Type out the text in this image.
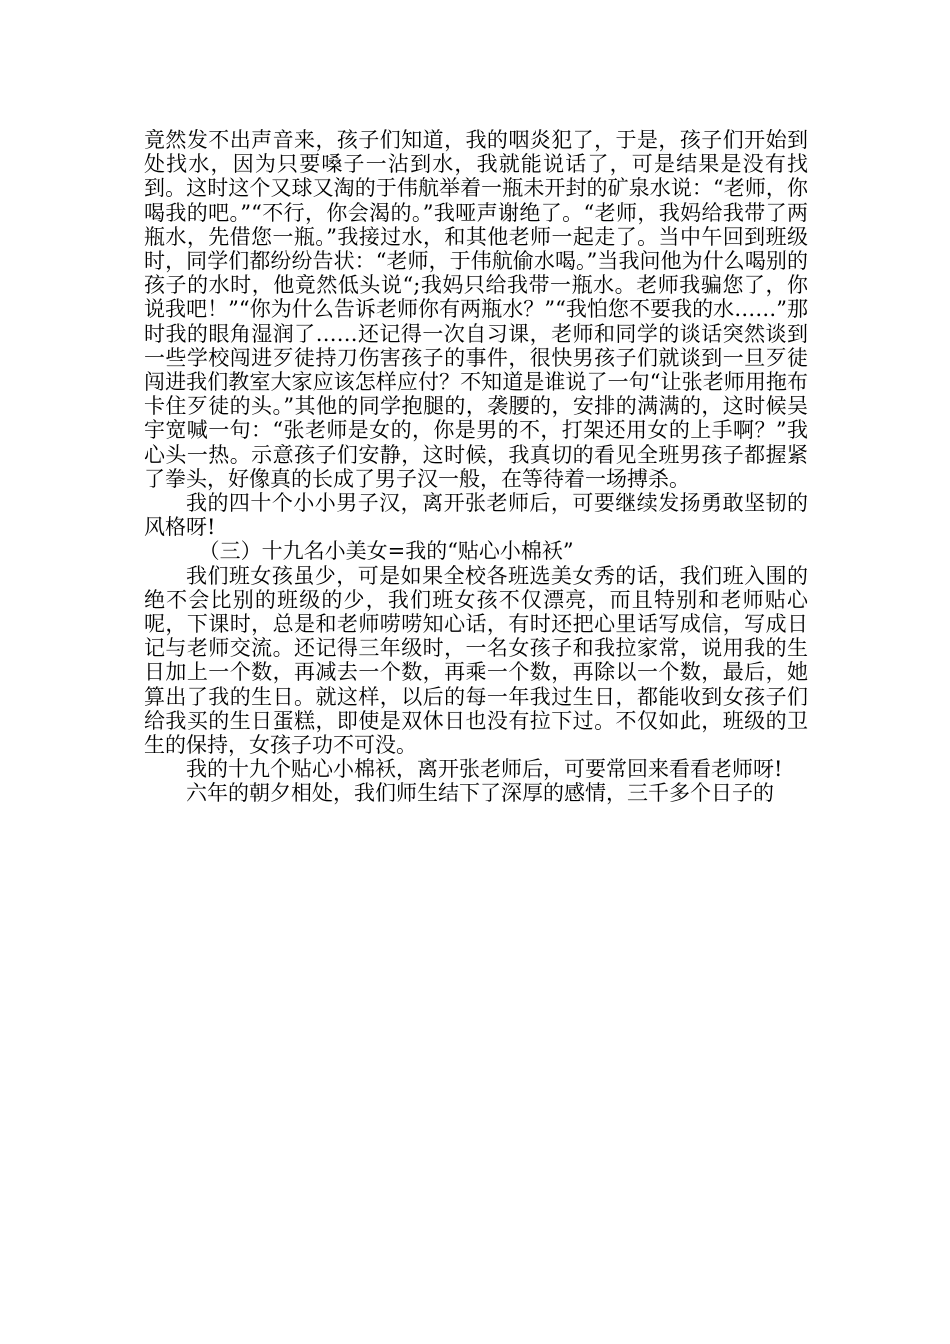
竟然发不出声音来，孩子们知道，我的咽炎犯了，于是，孩子们开始到处找水，因为只要嗓子一沾到水，我就能说话了，可是结果是没有找到。这时这个又球又淘的于伟航举着一瓶未开封的矿泉水说：“老师，你喝我的吧。”“不行，你会渴的。”我哑声谢绝了。“老师，我妈给我带了两瓶水，先借您一瓶。”我接过水，和其他老师一起走了。当中午回到班级时，同学们都纷纷告状：“老师，于伟航偷水喝。”当我问他为什么喝别的孩子的水时，他竟然低头说“;我妈只给我带一瓶水。老师我骗您了，你说我吧！”“你为什么告诉老师你有两瓶水？”“我怕您不要我的水……”那时我的眼角湿润了……还记得一次自习课，老师和同学的谈话突然谈到一些学校闯进歹徒持刀伤害孩子的事件，很快男孩子们就谈到一旦歹徒闯进我们教室大家应该怎样应付？不知道是谁说了一句“让张老师用拖布卡住歹徒的头。”其他的同学抱腿的，袭腰的，安排的满满的，这时候吴宇宽喊一句：“张老师是女的，你是男的不，打架还用女的上手啊？”我心头一热。示意孩子们安静，这时候，我真切的看见全班男孩子都握紧了拳头，好像真的长成了男子汉一般，在等待着一场搏杀。

我的四十个小小男子汉，离开张老师后，可要继续发扬勇敢坚韧的风格呀!

（三）十九名小美女=我的“贴心小棉袄”

我们班女孩虽少，可是如果全校各班选美女秀的话，我们班入围的绝不会比别的班级的少，我们班女孩不仅漂亮，而且特别和老师贴心呢，下课时，总是和老师唠唠知心话，有时还把心里话写成信，写成日记与老师交流。还记得三年级时，一名女孩子和我拉家常，说用我的生日加上一个数，再减去一个数，再乘一个数，再除以一个数，最后，她算出了我的生日。就这样，以后的每一年我过生日，都能收到女孩子们给我买的生日蛋糕，即使是双休日也没有拉下过。不仅如此，班级的卫生的保持，女孩子功不可没。

我的十九个贴心小棉袄，离开张老师后，可要常回来看看老师呀!

六年的朝夕相处，我们师生结下了深厚的感情，三千多个日子的
